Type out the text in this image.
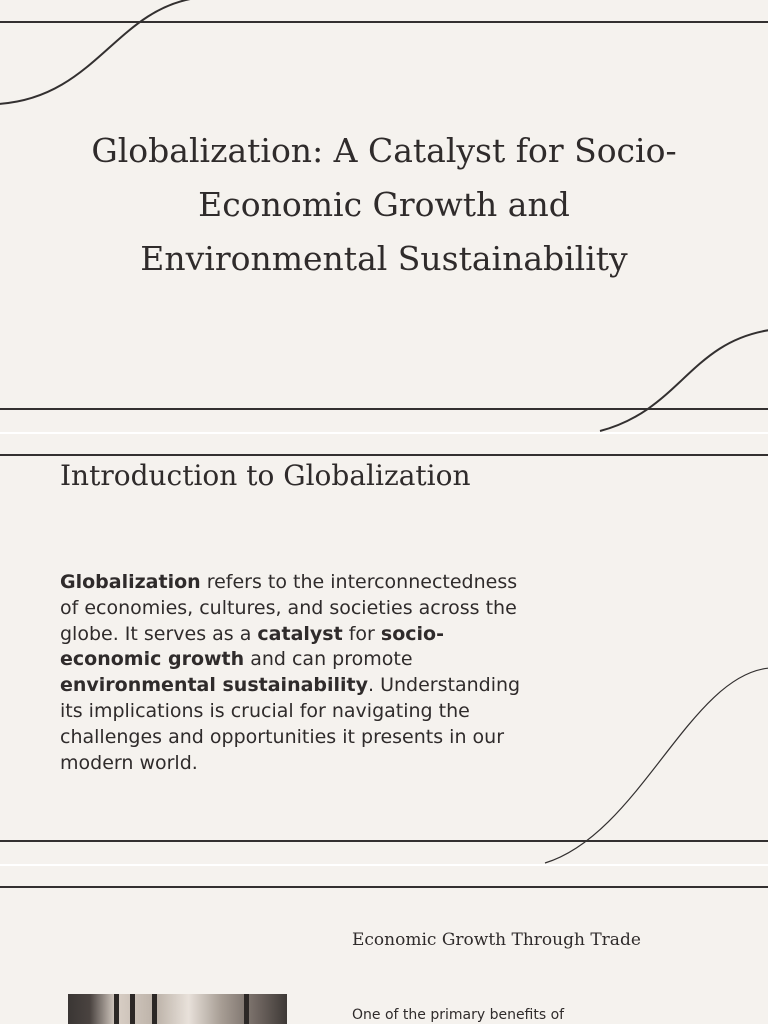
Globalization: A Catalyst for Socio-Economic Growth and Environmental Sustainability
Introduction to Globalization

Globalization refers to the interconnectedness of economies, cultures, and societies across the globe. It serves as a catalyst for socio-economic growth and can promote environmental sustainability. Understanding its implications is crucial for navigating the challenges and opportunities it presents in our modern world.

Economic Growth Through Trade

One of the primary benefits of
